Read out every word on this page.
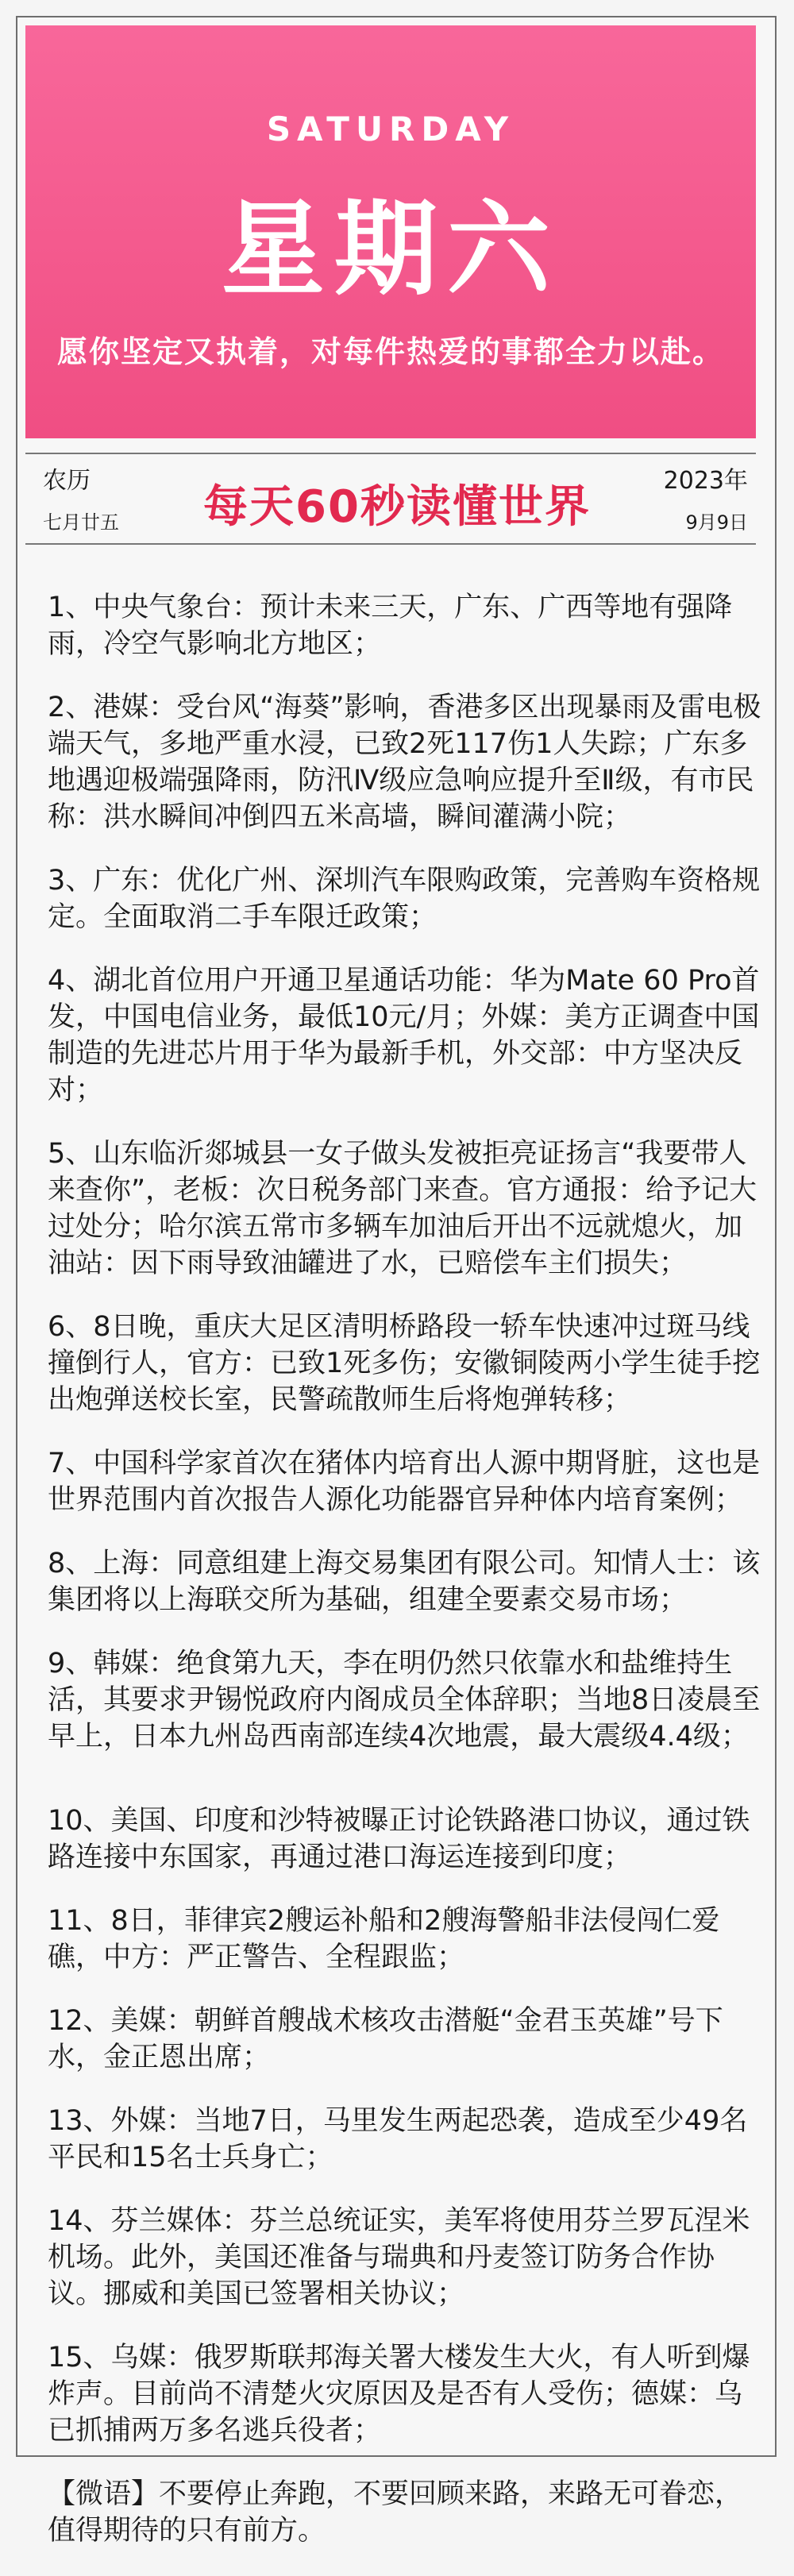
SATURDAY
星期六
愿你坚定又执着，对每件热爱的事都全力以赴。
农历
七月廿五	每天60秒读懂世界
2023年
9月9日

1、中央气象台：预计未来三天，广东、广西等地有强降雨，冷空气影响北方地区；

2、港媒：受台风“海葵”影响，香港多区出现暴雨及雷电极端天气，多地严重水浸，已致2死117伤1人失踪；广东多地遇迎极端强降雨，防汛Ⅳ级应急响应提升至Ⅱ级，有市民称：洪水瞬间冲倒四五米高墙，瞬间灌满小院；

3、广东：优化广州、深圳汽车限购政策，完善购车资格规定。全面取消二手车限迁政策；

4、湖北首位用户开通卫星通话功能：华为Mate 60 Pro首发，中国电信业务，最低10元/月；外媒：美方正调查中国制造的先进芯片用于华为最新手机，外交部：中方坚决反对；

5、山东临沂郯城县一女子做头发被拒亮证扬言“我要带人来查你”，老板：次日税务部门来查。官方通报：给予记大过处分；哈尔滨五常市多辆车加油后开出不远就熄火，加油站：因下雨导致油罐进了水，已赔偿车主们损失；

6、8日晚，重庆大足区清明桥路段一轿车快速冲过斑马线撞倒行人，官方：已致1死多伤；安徽铜陵两小学生徒手挖出炮弹送校长室，民警疏散师生后将炮弹转移；

7、中国科学家首次在猪体内培育出人源中期肾脏，这也是世界范围内首次报告人源化功能器官异种体内培育案例；

8、上海：同意组建上海交易集团有限公司。知情人士：该集团将以上海联交所为基础，组建全要素交易市场；

9、韩媒：绝食第九天，李在明仍然只依靠水和盐维持生活，其要求尹锡悦政府内阁成员全体辞职；当地8日凌晨至早上，日本九州岛西南部连续4次地震，最大震级4.4级；

10、美国、印度和沙特被曝正讨论铁路港口协议，通过铁路连接中东国家，再通过港口海运连接到印度；

11、8日，菲律宾2艘运补船和2艘海警船非法侵闯仁爱礁，中方：严正警告、全程跟监；

12、美媒：朝鲜首艘战术核攻击潜艇“金君玉英雄”号下水，金正恩出席；

13、外媒：当地7日，马里发生两起恐袭，造成至少49名平民和15名士兵身亡；

14、芬兰媒体：芬兰总统证实，美军将使用芬兰罗瓦涅米机场。此外，美国还准备与瑞典和丹麦签订防务合作协议。挪威和美国已签署相关协议；

15、乌媒：俄罗斯联邦海关署大楼发生大火，有人听到爆炸声。目前尚不清楚火灾原因及是否有人受伤；德媒：乌已抓捕两万多名逃兵役者；

【微语】不要停止奔跑，不要回顾来路，来路无可眷恋，值得期待的只有前方。
